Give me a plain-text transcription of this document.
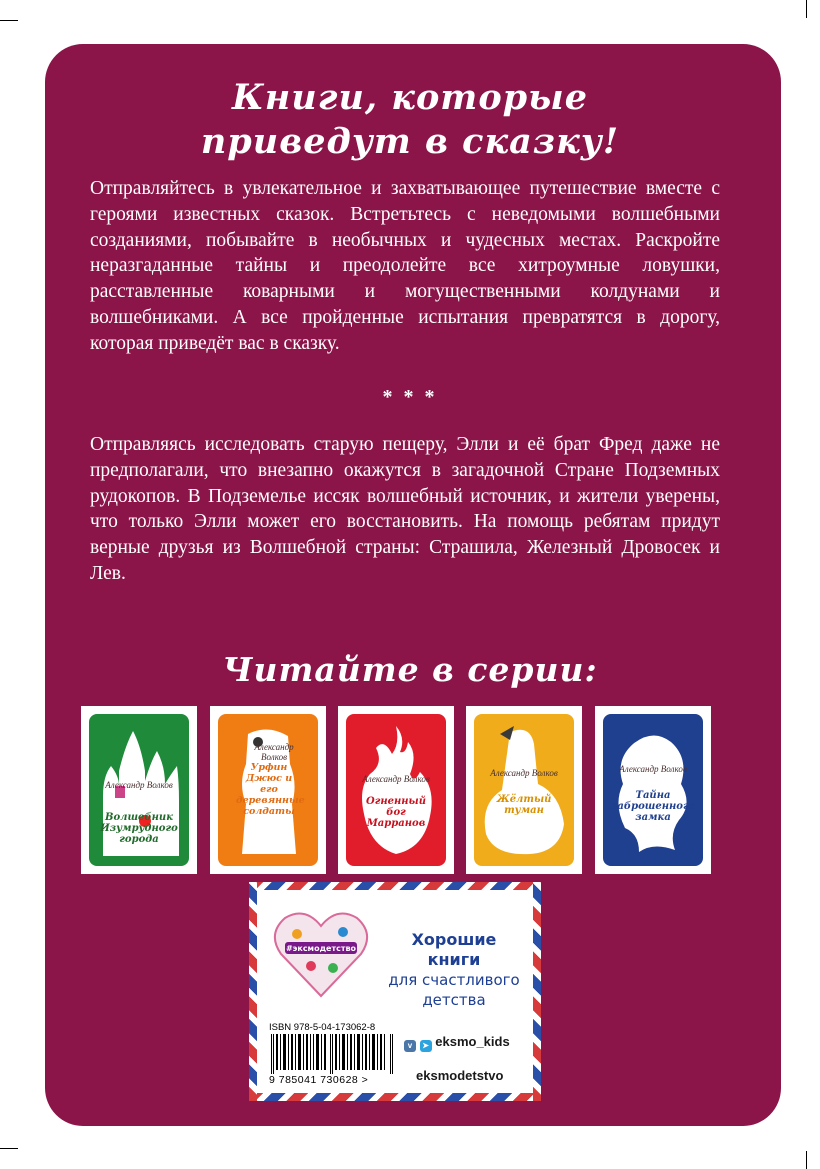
Книги, которые
приведут в сказку!
Отправляйтесь в увлекательное и захватывающее путешествие вместе с героями известных сказок. Встретьтесь с неведомыми волшебными созданиями, побывайте в необычных и чудесных местах. Раскройте неразгаданные тайны и преодолейте все хитроумные ловушки, расставленные коварными и могущественными колдунами и волшебниками. А все пройденные испытания превратятся в дорогу, которая приведёт вас в сказку.
* * *
Отправляясь исследовать старую пещеру, Элли и её брат Фред даже не предполагали, что внезапно окажутся в загадочной Стране Подземных рудокопов. В Подземелье иссяк волшебный источник, и жители уверены, что только Элли может его восстановить. На помощь ребятам придут верные друзья из Волшебной страны: Страшила, Железный Дровосек и Лев.
Читайте в серии:
Александр Волков
Волшебник Изумрудного города
Александр Волков
Урфин Джюс и его деревянные солдаты
Александр Волков
Огненный бог Марранов
Александр Волков
Жёлтый туман
Александр Волков
Тайна заброшенного замка
#эксмодетство	Хорошие
книги
для счастливого
детства
ISBN 978-5-04-173062-8
9 785041 730628 >
v ➤ eksmo_kids
eksmodetstvo
